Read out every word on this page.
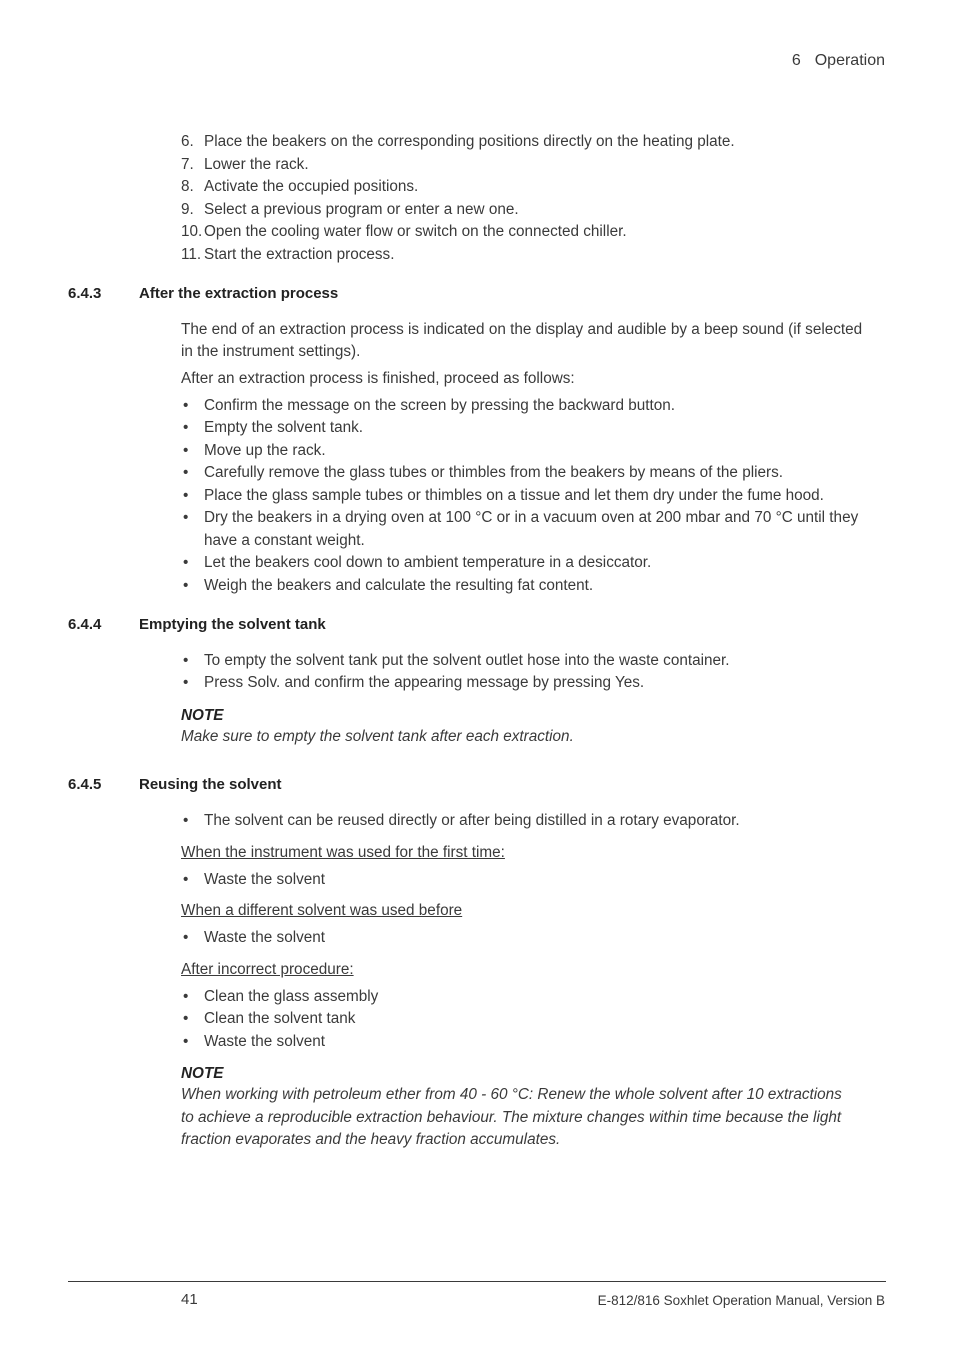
6 Operation
6. Place the beakers on the corresponding positions directly on the heating plate.
7. Lower the rack.
8. Activate the occupied positions.
9. Select a previous program or enter a new one.
10. Open the cooling water flow or switch on the connected chiller.
11. Start the extraction process.
6.4.3	After the extraction process
The end of an extraction process is indicated on the display and audible by a beep sound (if selected
in the instrument settings).
After an extraction process is finished, proceed as follows:
• Confirm the message on the screen by pressing the backward button.
• Empty the solvent tank.
• Move up the rack.
• Carefully remove the glass tubes or thimbles from the beakers by means of the pliers.
• Place the glass sample tubes or thimbles on a tissue and let them dry under the fume hood.
• Dry the beakers in a drying oven at 100 °C or in a vacuum oven at 200 mbar and 70 °C until they
have a constant weight.
• Let the beakers cool down to ambient temperature in a desiccator.
• Weigh the beakers and calculate the resulting fat content.
6.4.4	Emptying the solvent tank
• To empty the solvent tank put the solvent outlet hose into the waste container.
• Press Solv. and confirm the appearing message by pressing Yes.
NOTE
Make sure to empty the solvent tank after each extraction.
6.4.5	Reusing the solvent
• The solvent can be reused directly or after being distilled in a rotary evaporator.
When the instrument was used for the first time:
• Waste the solvent
When a different solvent was used before
• Waste the solvent
After incorrect procedure:
• Clean the glass assembly
• Clean the solvent tank
• Waste the solvent
NOTE
When working with petroleum ether from 40 - 60 °C: Renew the whole solvent after 10 extractions
to achieve a reproducible extraction behaviour. The mixture changes within time because the light
fraction evaporates and the heavy fraction accumulates.
41	E-812/816 Soxhlet Operation Manual, Version B
